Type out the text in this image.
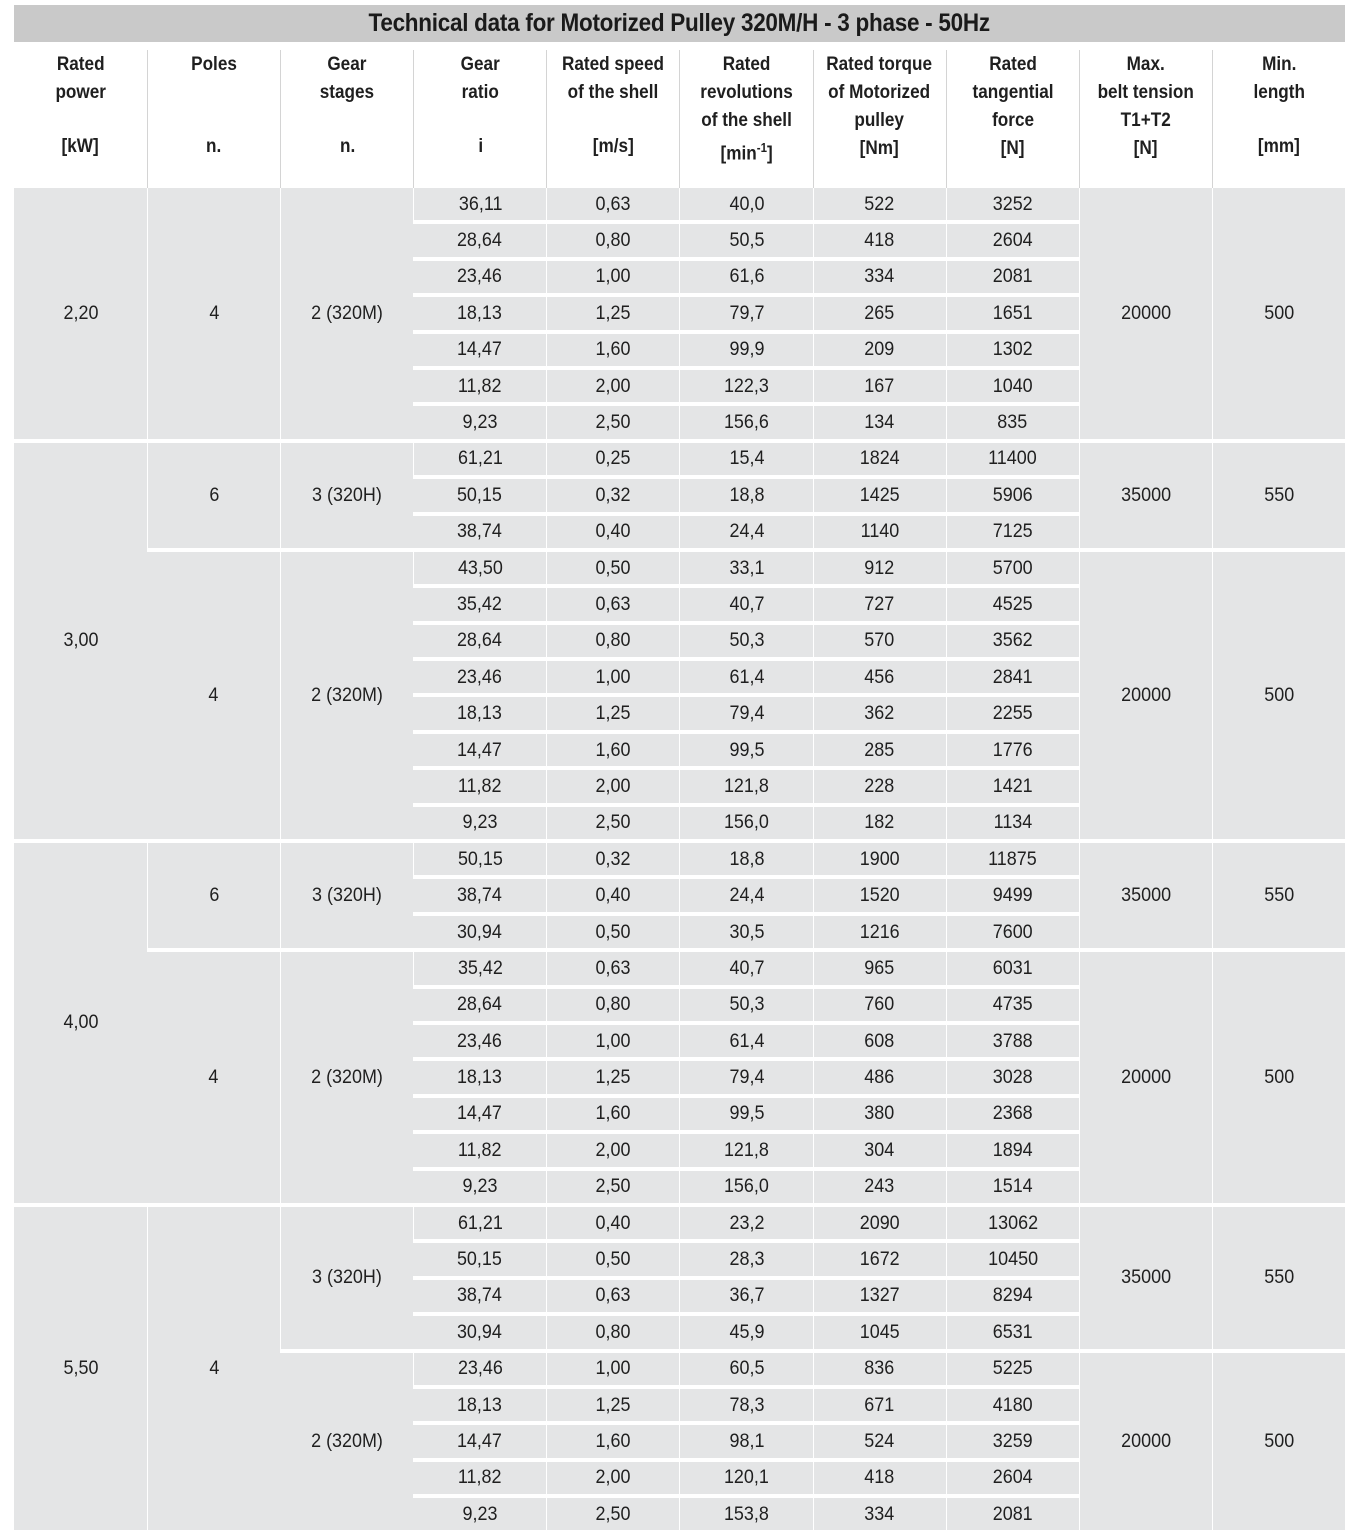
Technical data for Motorized Pulley 320M/H - 3 phase - 50Hz
Rated
power
[kW]	Poles
n.	Gear
stages
n.	Gear
ratio
i	Rated speed
of the shell
[m/s]	Rated
revolutions
of the shell
$[\min^{-1}]$	Rated torque
of Motorized
pulley
[Nm]	Rated
tangential
force
[N]	Max.
belt tension
T1+T2
[N]	Min.
length
[mm]

2,20	4	2 (320M)	36,11	0,63	40,0	522	3252	20000	500
			28,64	0,80	50,5	418	2604		
			23,46	1,00	61,6	334	2081		
			18,13	1,25	79,7	265	1651		
			14,47	1,60	99,9	209	1302		
			11,82	2,00	122,3	167	1040		
			9,23	2,50	156,6	134	835		
3,00	6	3 (320H)	61,21	0,25	15,4	1824	11400	35000	550
			50,15	0,32	18,8	1425	5906		
			38,74	0,40	24,4	1140	7125		
	4	2 (320M)	43,50	0,50	33,1	912	5700	20000	500
			35,42	0,63	40,7	727	4525		
			28,64	0,80	50,3	570	3562		
			23,46	1,00	61,4	456	2841		
			18,13	1,25	79,4	362	2255		
			14,47	1,60	99,5	285	1776		
			11,82	2,00	121,8	228	1421		
			9,23	2,50	156,0	182	1134		
4,00	6	3 (320H)	50,15	0,32	18,8	1900	11875	35000	550
			38,74	0,40	24,4	1520	9499		
			30,94	0,50	30,5	1216	7600		
	4	2 (320M)	35,42	0,63	40,7	965	6031	20000	500
			28,64	0,80	50,3	760	4735		
			23,46	1,00	61,4	608	3788		
			18,13	1,25	79,4	486	3028		
			14,47	1,60	99,5	380	2368		
			11,82	2,00	121,8	304	1894		
			9,23	2,50	156,0	243	1514		
5,50	4	3 (320H)	61,21	0,40	23,2	2090	13062	35000	550
			50,15	0,50	28,3	1672	10450		
			38,74	0,63	36,7	1327	8294		
			30,94	0,80	45,9	1045	6531		
		2 (320M)	23,46	1,00	60,5	836	5225	20000	500
			18,13	1,25	78,3	671	4180		
			14,47	1,60	98,1	524	3259		
			11,82	2,00	120,1	418	2604		
			9,23	2,50	153,8	334	2081		
